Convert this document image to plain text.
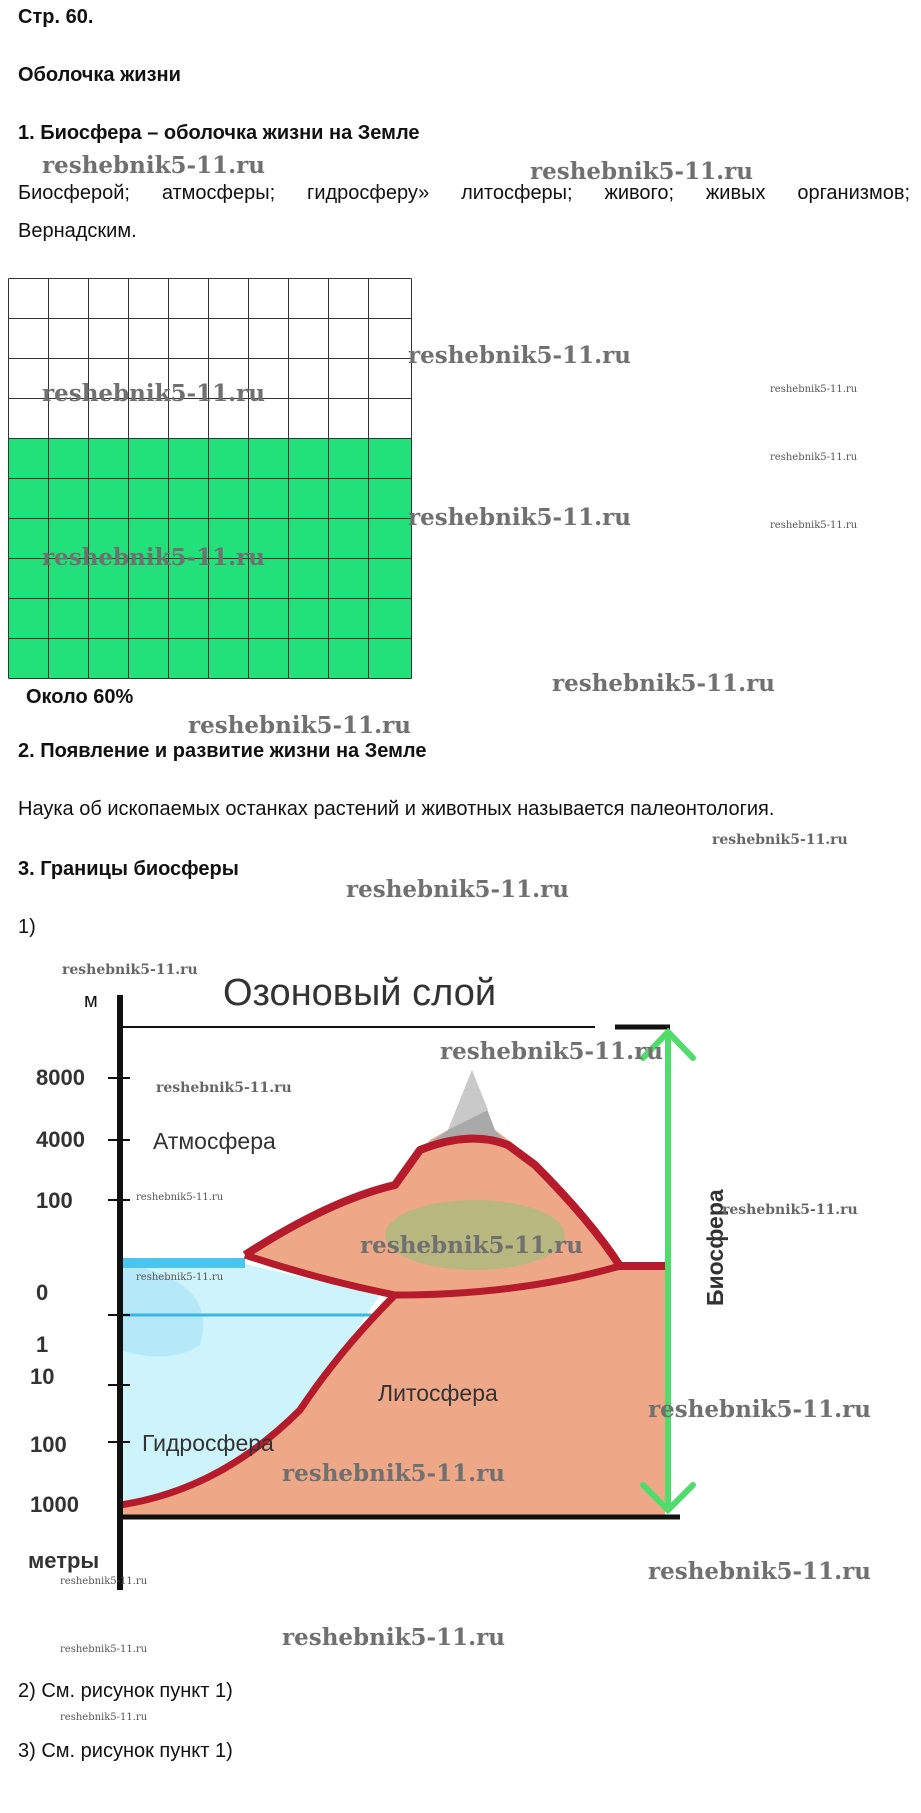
Стр. 60.
Оболочка жизни
1. Биосфера – оболочка жизни на Земле
Биосферой; атмосферы; гидросферу» литосферы; живого; живых организмов;
Вернадским.
Около 60%
2. Появление и развитие жизни на Земле
Наука об ископаемых останках растений и животных называется палеонтология.
3. Границы биосферы
1)
Озоновый слой
м
8000
4000
100
0
1
10
100
1000
метры
Атмосфера
Литосфера
Гидросфера
Биосфера
2) См. рисунок пункт 1)
3) См. рисунок пункт 1)
reshebnik5-11.ru	reshebnik5-11.ru
reshebnik5-11.ru
reshebnik5-11.ru	reshebnik5-11.ru
reshebnik5-11.ru
reshebnik5-11.ru	reshebnik5-11.ru
reshebnik5-11.ru
reshebnik5-11.ru
reshebnik5-11.ru
reshebnik5-11.ru
reshebnik5-11.ru
reshebnik5-11.ru
reshebnik5-11.ru
reshebnik5-11.ru
reshebnik5-11.ru
reshebnik5-11.ru
reshebnik5-11.ru
reshebnik5-11.ru
reshebnik5-11.ru
reshebnik5-11.ru
reshebnik5-11.ru
reshebnik5-11.ru
reshebnik5-11.ru
reshebnik5-11.ru
reshebnik5-11.ru
